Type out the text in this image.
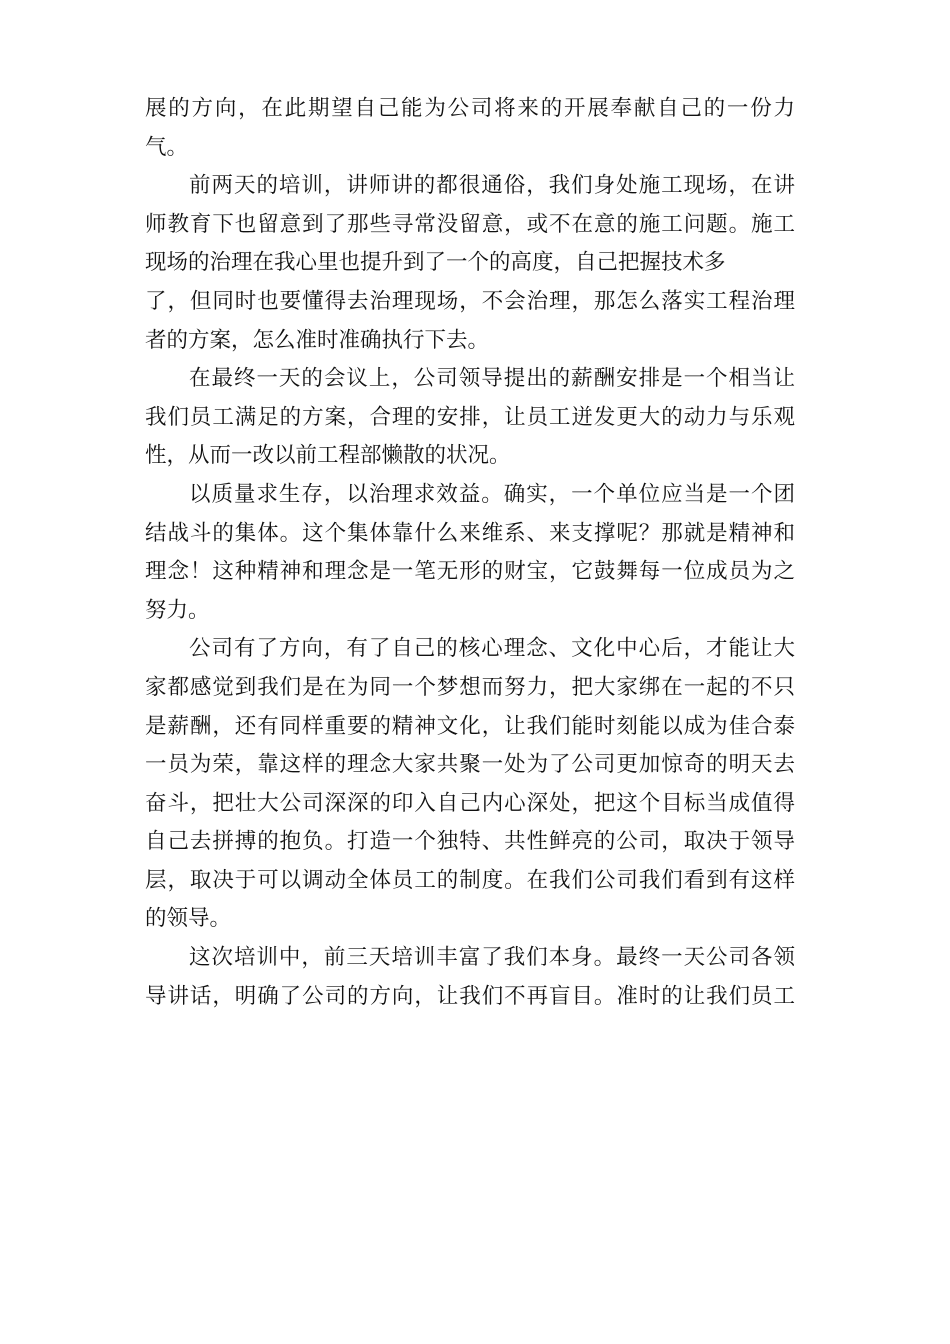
展的方向，在此期望自己能为公司将来的开展奉献自己的一份力
气。
前两天的培训，讲师讲的都很通俗，我们身处施工现场，在讲
师教育下也留意到了那些寻常没留意，或不在意的施工问题。施工
现场的治理在我心里也提升到了一个的高度，自己把握技术多
了，但同时也要懂得去治理现场，不会治理，那怎么落实工程治理
者的方案，怎么准时准确执行下去。
在最终一天的会议上，公司领导提出的薪酬安排是一个相当让
我们员工满足的方案，合理的安排，让员工迸发更大的动力与乐观
性，从而一改以前工程部懒散的状况。
以质量求生存，以治理求效益。确实，一个单位应当是一个团
结战斗的集体。这个集体靠什么来维系、来支撑呢？那就是精神和
理念！这种精神和理念是一笔无形的财宝，它鼓舞每一位成员为之
努力。
公司有了方向，有了自己的核心理念、文化中心后，才能让大
家都感觉到我们是在为同一个梦想而努力，把大家绑在一起的不只
是薪酬，还有同样重要的精神文化，让我们能时刻能以成为佳合泰
一员为荣，靠这样的理念大家共聚一处为了公司更加惊奇的明天去
奋斗，把壮大公司深深的印入自己内心深处，把这个目标当成值得
自己去拼搏的抱负。打造一个独特、共性鲜亮的公司，取决于领导
层，取决于可以调动全体员工的制度。在我们公司我们看到有这样
的领导。
这次培训中，前三天培训丰富了我们本身。最终一天公司各领
导讲话，明确了公司的方向，让我们不再盲目。准时的让我们员工
